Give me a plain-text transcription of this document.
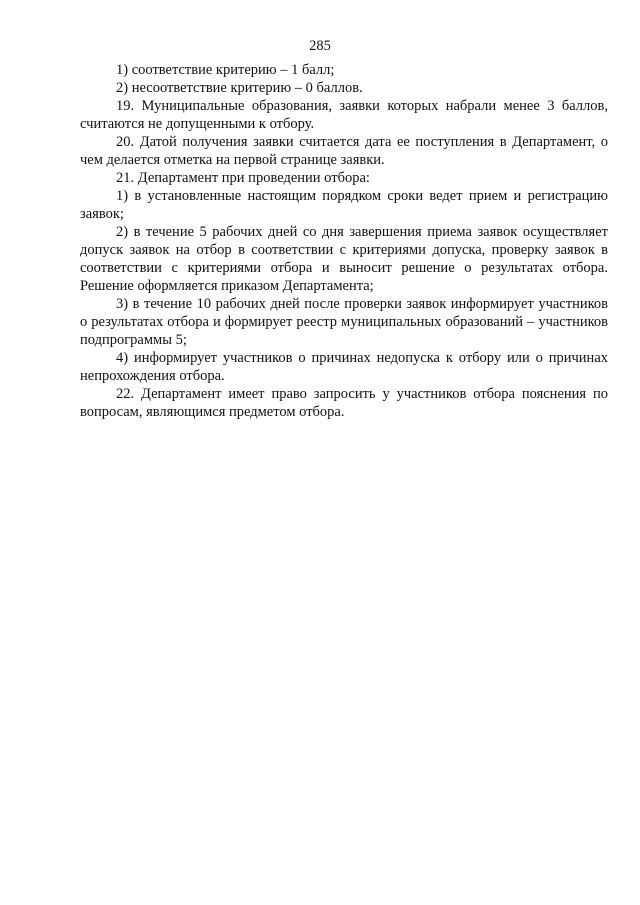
285

1) соответствие критерию – 1 балл;

2) несоответствие критерию – 0 баллов.

19. Муниципальные образования, заявки которых набрали менее 3 баллов, считаются не допущенными к отбору.

20. Датой получения заявки считается дата ее поступления в Департамент, о чем делается отметка на первой странице заявки.

21. Департамент при проведении отбора:

1) в установленные настоящим порядком сроки ведет прием и регистрацию заявок;

2) в течение 5 рабочих дней со дня завершения приема заявок осуществляет допуск заявок на отбор в соответствии с критериями допуска, проверку заявок в соответствии с критериями отбора и выносит решение о результатах отбора. Решение оформляется приказом Департамента;

3) в течение 10 рабочих дней после проверки заявок информирует участников о результатах отбора и формирует реестр муниципальных образований – участников подпрограммы 5;

4) информирует участников о причинах недопуска к отбору или о причинах непрохождения отбора.

22. Департамент имеет право запросить у участников отбора пояснения по вопросам, являющимся предметом отбора.
